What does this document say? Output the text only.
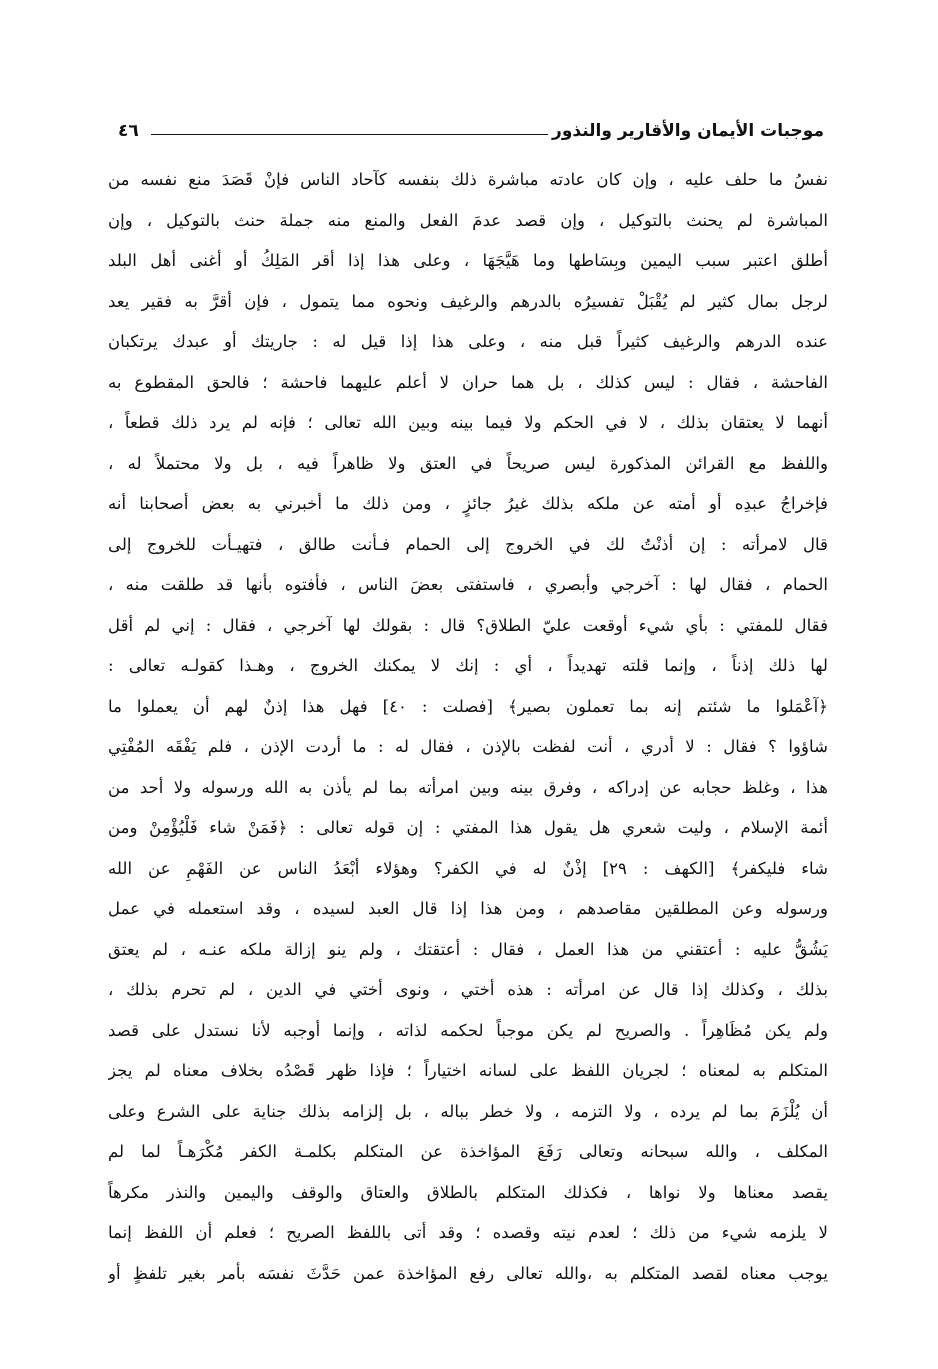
موجبات الأيمان والأقارير والنذور
٤٦
نفسُ ما حلف عليه ، وإن كان عادته مباشرة ذلك بنفسه كآحاد الناس فإنْ قَصَدَ منع نفسه من
المباشرة لم يحنث بالتوكيل ، وإن قصد عدمَ الفعل والمنع منه جملة حنث بالتوكيل ، وإن
أطلق اعتبر سبب اليمين وبِسَاطها وما هَيَّجَهَا ، وعلى هذا إذا أقر المَلِكُ أو أغنى أهل البلد
لرجل بمال كثير لم يُقْبَلْ تفسيرُه بالدرهم والرغيف ونحوه مما يتمول ، فإن أقرَّ به فقير يعد
عنده الدرهم والرغيف كثيراً قبل منه ، وعلى هذا إذا قيل له : جاريتك أو عبدك يرتكبان
الفاحشة ، فقال : ليس كذلك ، بل هما حران لا أعلم عليهما فاحشة ؛ فالحق المقطوع به
أنهما لا يعتقان بذلك ، لا في الحكم ولا فيما بينه وبين الله تعالى ؛ فإنه لم يرد ذلك قطعاً ،
واللفظ مع القرائن المذكورة ليس صريحاً في العتق ولا ظاهراً فيه ، بل ولا محتملاً له ،
فإخراجُ عبدِه أو أمته عن ملكه بذلك غيرُ جائزٍ ، ومن ذلك ما أخبرني به بعض أصحابنا أنه
قال لامرأته : إن أذنْتُ لك في الخروج إلى الحمام فـأنت طالق ، فتهيـأت للخروج إلى
الحمام ، فقال لها : آخرجي وأبصري ، فاستفتى بعضَ الناس ، فأفتوه بأنها قد طلقت منه ،
فقال للمفتي : بأي شيء أوقعت عليّ الطلاق؟ قال : بقولك لها آخرجي ، فقال : إني لم أقل
لها ذلك إذناً ، وإنما قلته تهديداً ، أي : إنك لا يمكنك الخروج ، وهـذا كقولـه تعالى :
﴿آعْمَلوا ما شئتم إنه بما تعملون بصير﴾ [فصلت : ٤٠] فهل هذا إذنٌ لهم أن يعملوا ما
شاؤوا ؟ فقال : لا أدري ، أنت لفظت بالإذن ، فقال له : ما أردت الإذن ، فلم يَفْقَه المُفْتِي
هذا ، وغلظ حجابه عن إدراكه ، وفرق بينه وبين امرأته بما لم يأذن به الله ورسوله ولا أحد من
أئمة الإسلام ، وليت شعري هل يقول هذا المفتي : إن قوله تعالى : ﴿فَمَنْ شاء فَلْيُؤْمِنْ ومن
شاء فليكفر﴾ [الكهف : ٢٩] إذْنٌ له في الكفر؟ وهؤلاء أبْعَدُ الناس عن الفَهْمِ عن الله
ورسوله وعن المطلقين مقاصدهم ، ومن هذا إذا قال العبد لسيده ، وقد استعمله في عمل
يَشُقُّ عليه : أعتقني من هذا العمل ، فقال : أعتقتك ، ولم ينو إزالة ملكه عنـه ، لم يعتق
بذلك ، وكذلك إذا قال عن امرأته : هذه أختي ، ونوى أختي في الدين ، لم تحرم بذلك ،
ولم يكن مُظَاهِراً . والصريح لم يكن موجباً لحكمه لذاته ، وإنما أوجبه لأنا نستدل على قصد
المتكلم به لمعناه ؛ لجريان اللفظ على لسانه اختياراً ؛ فإذا ظهر قَصْدُه بخلاف معناه لم يجز
أن يُلْزَمَ بما لم يرده ، ولا التزمه ، ولا خطر بباله ، بل إلزامه بذلك جناية على الشرع وعلى
المكلف ، والله سبحانه وتعالى رَفَعَ المؤاخذة عن المتكلم بكلمـة الكفر مُكْرَهـاً لما لم
يقصد معناها ولا نواها ، فكذلك المتكلم بالطلاق والعتاق والوقف واليمين والنذر مكرهاً
لا يلزمه شيء من ذلك ؛ لعدم نيته وقصده ؛ وقد أتى باللفظ الصريح ؛ فعلم أن اللفظ إنما
يوجب معناه لقصد المتكلم به ،والله تعالى رفع المؤاخذة عمن حَدَّثَ نفسَه بأمر بغير تلفظٍ أو
